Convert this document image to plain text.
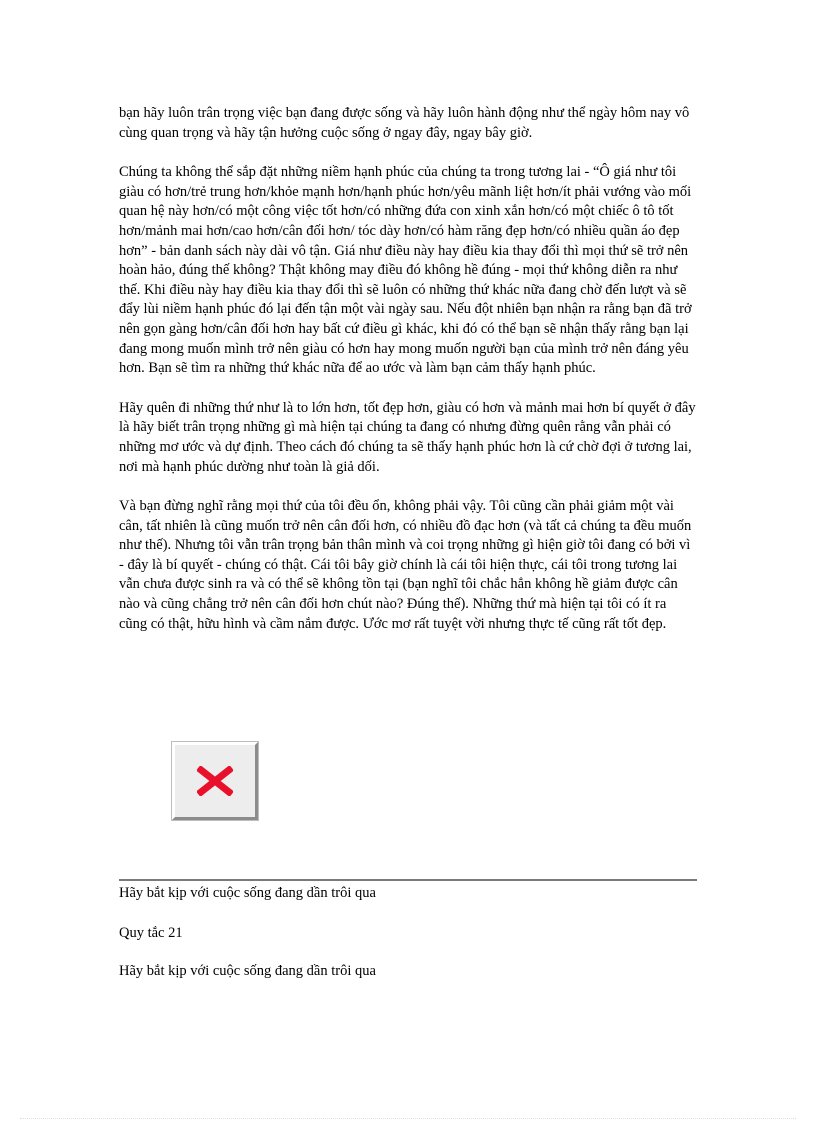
bạn hãy luôn trân trọng việc bạn đang được sống và hãy luôn hành động như thể ngày hôm nay vô cùng quan trọng và hãy tận hưởng cuộc sống ở ngay đây, ngay bây giờ.

Chúng ta không thể sắp đặt những niềm hạnh phúc của chúng ta trong tương lai - “Ô giá như tôi giàu có hơn/trẻ trung hơn/khỏe mạnh hơn/hạnh phúc hơn/yêu mãnh liệt hơn/ít phải vướng vào mối quan hệ này hơn/có một công việc tốt hơn/có những đứa con xinh xắn hơn/có một chiếc ô tô tốt hơn/mảnh mai hơn/cao hơn/cân đối hơn/ tóc dày hơn/có hàm răng đẹp hơn/có nhiều quần áo đẹp hơn” - bản danh sách này dài vô tận. Giá như điều này hay điều kia thay đổi thì mọi thứ sẽ trở nên hoàn hảo, đúng thế không? Thật không may điều đó không hề đúng - mọi thứ không diễn ra như thế. Khi điều này hay điều kia thay đổi thì sẽ luôn có những thứ khác nữa đang chờ đến lượt và sẽ đẩy lùi niềm hạnh phúc đó lại đến tận một vài ngày sau. Nếu đột nhiên bạn nhận ra rằng bạn đã trở nên gọn gàng hơn/cân đối hơn hay bất cứ điều gì khác, khi đó có thể bạn sẽ nhận thấy rằng bạn lại đang mong muốn mình trở nên giàu có hơn hay mong muốn người bạn của mình trở nên đáng yêu hơn. Bạn sẽ tìm ra những thứ khác nữa để ao ước và làm bạn cảm thấy hạnh phúc.

Hãy quên đi những thứ như là to lớn hơn, tốt đẹp hơn, giàu có hơn và mảnh mai hơn bí quyết ở đây là hãy biết trân trọng những gì mà hiện tại chúng ta đang có nhưng đừng quên rằng vẫn phải có những mơ ước và dự định. Theo cách đó chúng ta sẽ thấy hạnh phúc hơn là cứ chờ đợi ở tương lai, nơi mà hạnh phúc dường như toàn là giả dối.

Và bạn đừng nghĩ rằng mọi thứ của tôi đều ổn, không phải vậy. Tôi cũng cần phải giảm một vài cân, tất nhiên là cũng muốn trở nên cân đối hơn, có nhiều đồ đạc hơn (và tất cả chúng ta đều muốn như thế). Nhưng tôi vẫn trân trọng bản thân mình và coi trọng những gì hiện giờ tôi đang có bởi vì - đây là bí quyết - chúng có thật. Cái tôi bây giờ chính là cái tôi hiện thực, cái tôi trong tương lai vẫn chưa được sinh ra và có thể sẽ không tồn tại (bạn nghĩ tôi chắc hẳn không hề giảm được cân nào và cũng chẳng trở nên cân đối hơn chút nào? Đúng thế). Những thứ mà hiện tại tôi có ít ra cũng có thật, hữu hình và cầm nắm được. Ước mơ rất tuyệt vời nhưng thực tế cũng rất tốt đẹp.

Hãy bắt kịp với cuộc sống đang dần trôi qua
Quy tắc 21
Hãy bắt kịp với cuộc sống đang dần trôi qua
